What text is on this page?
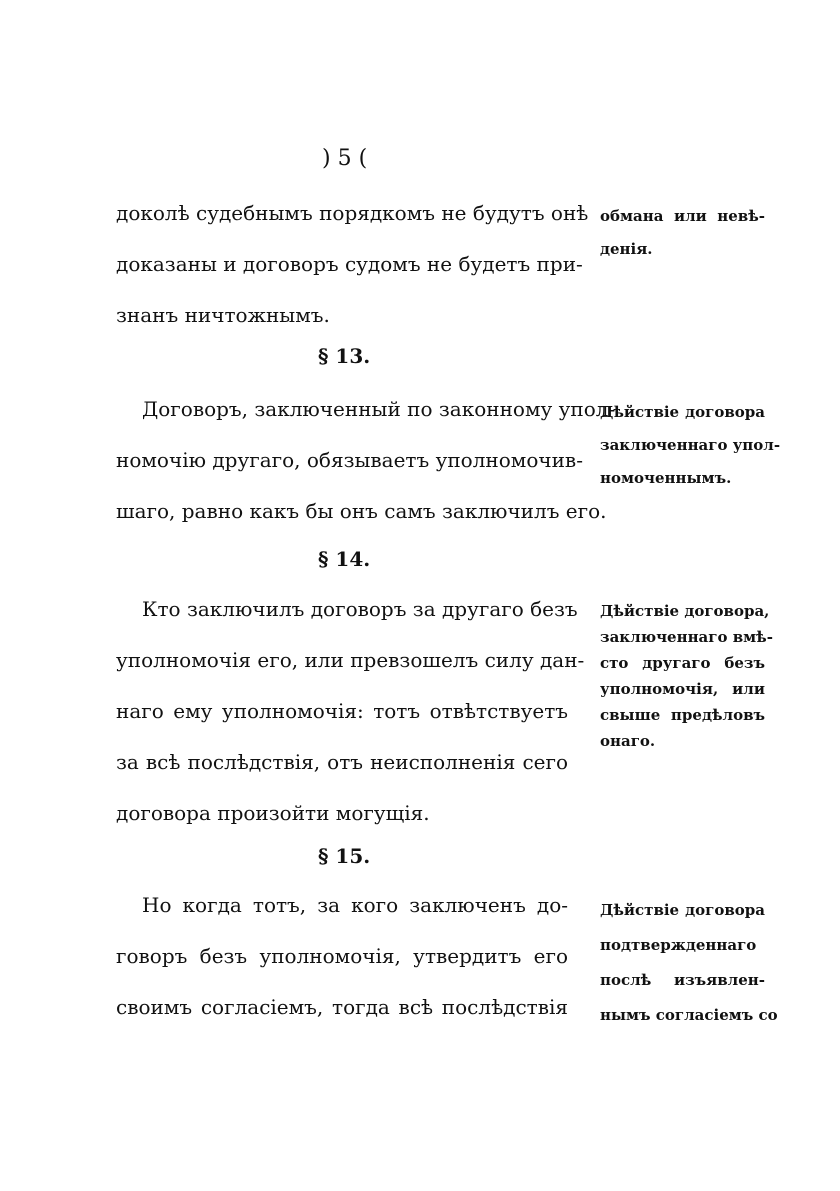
) 5 (
доколѣ судебнымъ порядкомъ не будутъ онѣ
доказаны и договоръ судомъ не будетъ при-
знанъ ничтожнымъ.
обмана или невѣ-
денія.
§ 13.
Договоръ, заключенный по законному упол-
номочію другаго, обязываетъ уполномочив-
шаго, равно какъ бы онъ самъ заключилъ его.
Дѣйствіе договора
заключеннаго упол-
номоченнымъ.
§ 14.
Кто заключилъ договоръ за другаго безъ
уполномочія его, или превзошелъ силу дан-
наго ему уполномочія: тотъ отвѣтствуетъ
за всѣ послѣдствія, отъ неисполненія сего
договора произойти могущія.
Дѣйствіе договора,
заключеннаго вмѣ-
сто другаго безъ
уполномочія, или
свыше предѣловъ
онаго.
§ 15.
Но когда тотъ, за кого заключенъ до-
говоръ безъ уполномочія, утвердитъ его
своимъ согласіемъ, тогда всѣ послѣдствія
Дѣйствіе договора
подтвержденнаго
послѣ изъявлен-
нымъ согласіемъ со
